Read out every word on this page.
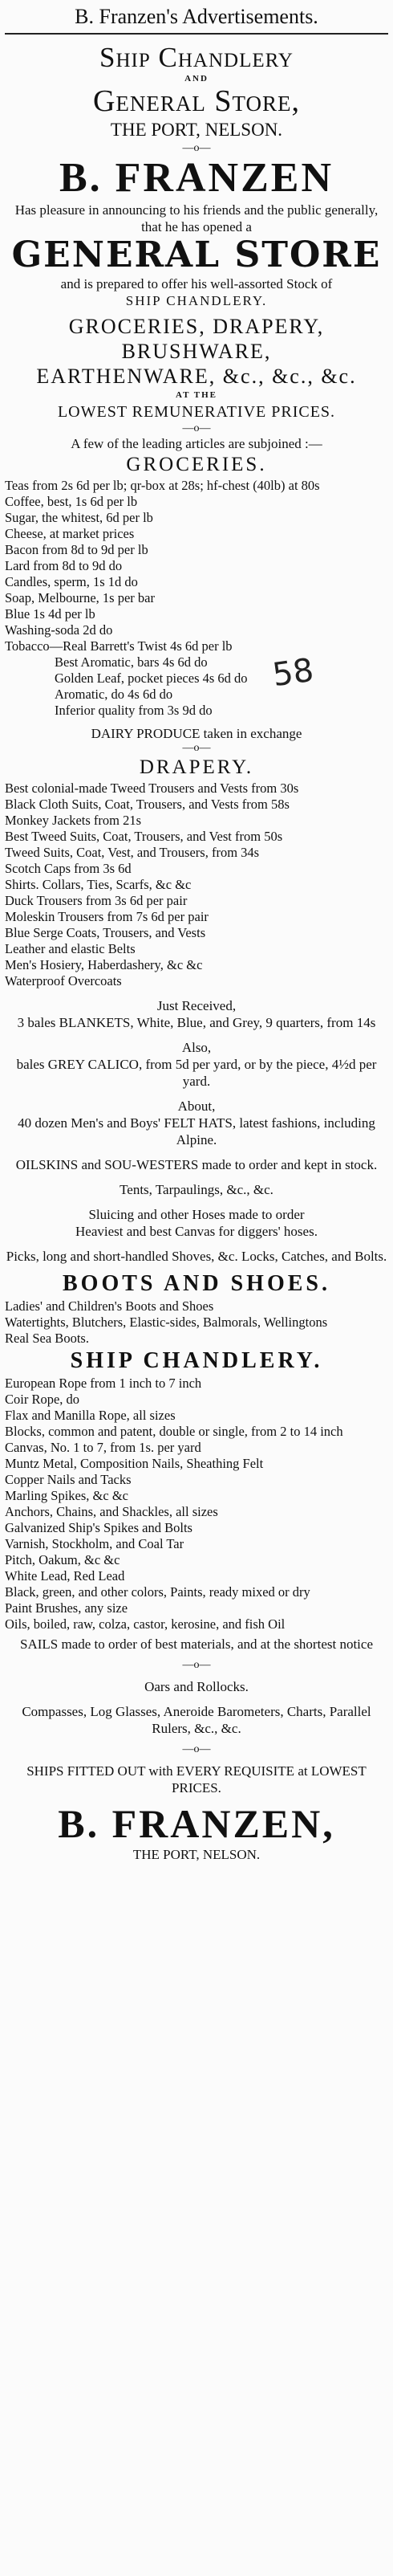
B. Franzen's Advertisements.
Ship Chandlery
AND
General Store,
THE PORT, NELSON.
—o—
B. FRANZEN
Has pleasure in announcing to his friends and the public generally, that he has opened a
GENERAL STORE
and is prepared to offer his well-assorted Stock of
SHIP CHANDLERY.
GROCERIES, DRAPERY,
BRUSHWARE,
EARTHENWARE, &c., &c., &c.
AT THE
LOWEST REMUNERATIVE PRICES.
—o—
A few of the leading articles are subjoined :—
GROCERIES.
Teas from 2s 6d per lb; qr-box at 28s; hf-chest (40lb) at 80s
Coffee, best, 1s 6d per lb
Sugar, the whitest, 6d per lb
Cheese, at market prices
Bacon from 8d to 9d per lb
Lard from 8d to 9d do
Candles, sperm, 1s 1d do
Soap, Melbourne, 1s per bar
Blue 1s 4d per lb
Washing-soda 2d do
Tobacco—Real Barrett's Twist 4s 6d per lb
Best Aromatic, bars 4s 6d do
Golden Leaf, pocket pieces 4s 6d do
Aromatic, do 4s 6d do
Inferior quality from 3s 9d do
58
DAIRY PRODUCE taken in exchange
—o—
DRAPERY.
Best colonial-made Tweed Trousers and Vests from 30s
Black Cloth Suits, Coat, Trousers, and Vests from 58s
Monkey Jackets from 21s
Best Tweed Suits, Coat, Trousers, and Vest from 50s
Tweed Suits, Coat, Vest, and Trousers, from 34s
Scotch Caps from 3s 6d
Shirts. Collars, Ties, Scarfs, &c &c
Duck Trousers from 3s 6d per pair
Moleskin Trousers from 7s 6d per pair
Blue Serge Coats, Trousers, and Vests
Leather and elastic Belts
Men's Hosiery, Haberdashery, &c &c
Waterproof Overcoats
Just Received,
3 bales BLANKETS, White, Blue, and Grey, 9 quarters, from 14s
Also,
bales GREY CALICO, from 5d per yard, or by the piece, 4½d per yard.
About,
40 dozen Men's and Boys' FELT HATS, latest fashions, including Alpine.
OILSKINS and SOU-WESTERS made to order and kept in stock.
Tents, Tarpaulings, &c., &c.
Sluicing and other Hoses made to order
Heaviest and best Canvas for diggers' hoses.
Picks, long and short-handled Shoves, &c. Locks, Catches, and Bolts.
BOOTS AND SHOES.
Ladies' and Children's Boots and Shoes
Watertights, Blutchers, Elastic-sides, Balmorals, Wellingtons
Real Sea Boots.
SHIP CHANDLERY.
European Rope from 1 inch to 7 inch
Coir Rope, do
Flax and Manilla Rope, all sizes
Blocks, common and patent, double or single, from 2 to 14 inch
Canvas, No. 1 to 7, from 1s. per yard
Muntz Metal, Composition Nails, Sheathing Felt
Copper Nails and Tacks
Marling Spikes, &c &c
Anchors, Chains, and Shackles, all sizes
Galvanized Ship's Spikes and Bolts
Varnish, Stockholm, and Coal Tar
Pitch, Oakum, &c &c
White Lead, Red Lead
Black, green, and other colors, Paints, ready mixed or dry
Paint Brushes, any size
Oils, boiled, raw, colza, castor, kerosine, and fish Oil
SAILS made to order of best materials, and at the shortest notice
—o—
Oars and Rollocks.
Compasses, Log Glasses, Aneroide Barometers, Charts, Parallel Rulers, &c., &c.
—o—
SHIPS FITTED OUT with EVERY REQUISITE at LOWEST PRICES.
B. FRANZEN,
THE PORT, NELSON.
